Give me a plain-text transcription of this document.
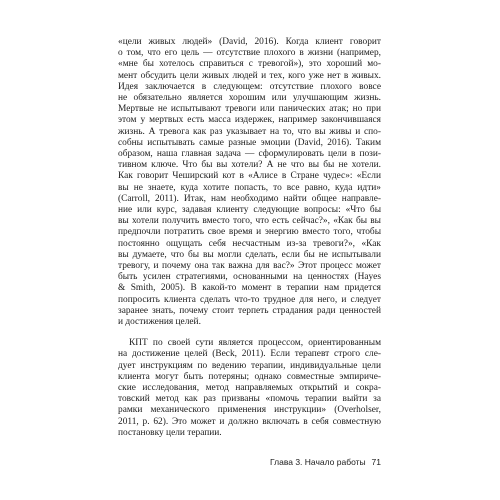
«цели живых людей» (David, 2016). Когда клиент говорит
о том, что его цель — отсутствие плохого в жизни (например,
«мне бы хотелось справиться с тревогой»), это хороший мо-
мент обсудить цели живых людей и тех, кого уже нет в живых.
Идея заключается в следующем: отсутствие плохого вовсе
не обязательно является хорошим или улучшающим жизнь.
Мертвые не испытывают тревоги или панических атак; но при
этом у мертвых есть масса издержек, например закончившаяся
жизнь. А тревога как раз указывает на то, что вы живы и спо-
собны испытывать самые разные эмоции (David, 2016). Таким
образом, наша главная задача — сформулировать цели в пози-
тивном ключе. Что бы вы хотели? А не что вы бы не хотели.
Как говорит Чеширский кот в «Алисе в Стране чудес»: «Если
вы не знаете, куда хотите попасть, то все равно, куда идти»
(Carroll, 2011). Итак, нам необходимо найти общее направле-
ние или курс, задавая клиенту следующие вопросы: «Что бы
вы хотели получить вместо того, что есть сейчас?», «Как бы вы
предпочли потратить свое время и энергию вместо того, чтобы
постоянно ощущать себя несчастным из-за тревоги?», «Как
вы думаете, что бы вы могли сделать, если бы не испытывали
тревогу, и почему она так важна для вас?» Этот процесс может
быть усилен стратегиями, основанными на ценностях (Hayes
& Smith, 2005). В какой-то момент в терапии нам придется
попросить клиента сделать что-то трудное для него, и следует
заранее знать, почему стоит терпеть страдания ради ценностей
и достижения целей.
КПТ по своей сути является процессом, ориентированным
на достижение целей (Beck, 2011). Если терапевт строго сле-
дует инструкциям по ведению терапии, индивидуальные цели
клиента могут быть потеряны; однако совместные эмпириче-
ские исследования, метод направляемых открытий и сокра-
товский метод как раз призваны «помочь терапии выйти за
рамки механического применения инструкции» (Overholser,
2011, p. 62). Это может и должно включать в себя совместную
постановку цели терапии.
Глава 3. Начало работы 71
